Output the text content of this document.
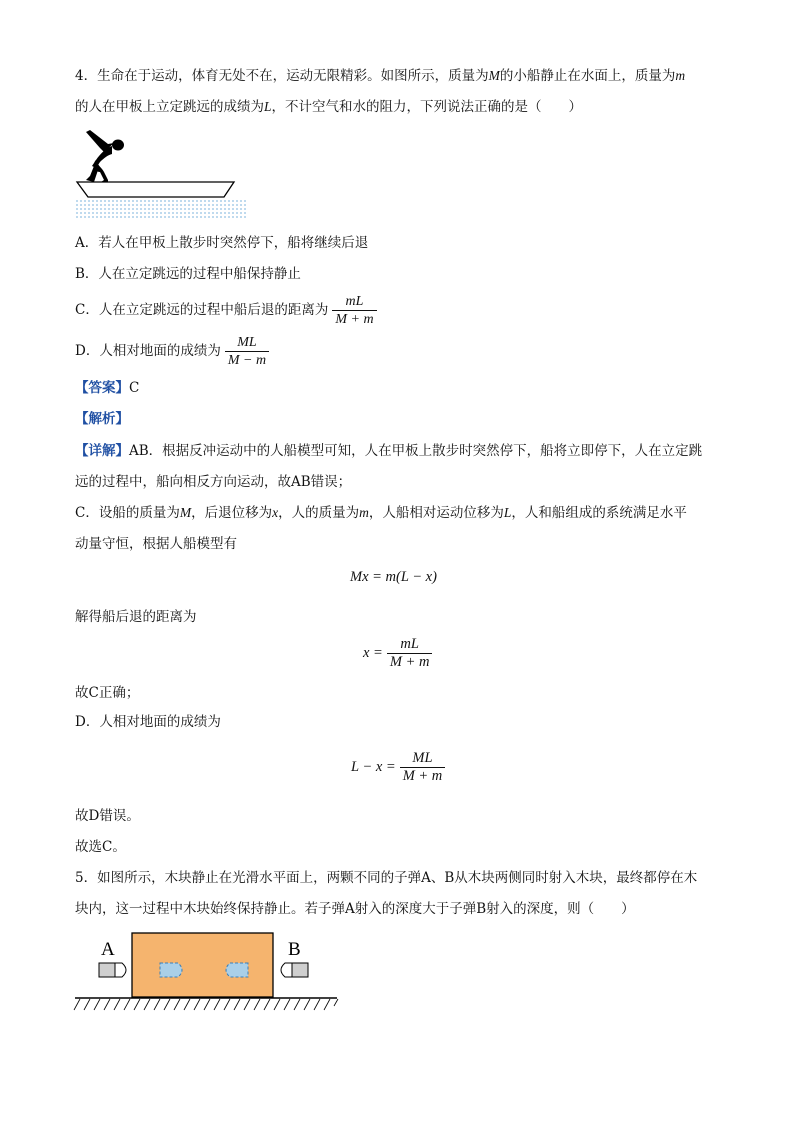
4．生命在于运动，体育无处不在，运动无限精彩。如图所示，质量为M的小船静止在水面上，质量为m
的人在甲板上立定跳远的成绩为L，不计空气和水的阻力，下列说法正确的是（　　）
A．若人在甲板上散步时突然停下，船将继续后退
B．人在立定跳远的过程中船保持静止
C．人在立定跳远的过程中船后退的距离为 $\frac{mL}{M + m}$
D．人相对地面的成绩为 $\frac{ML}{M - m}$
【答案】C
【解析】
【详解】AB．根据反冲运动中的人船模型可知，人在甲板上散步时突然停下，船将立即停下，人在立定跳
远的过程中，船向相反方向运动，故AB错误；
C．设船的质量为M，后退位移为x，人的质量为m，人船相对运动位移为L，人和船组成的系统满足水平
动量守恒，根据人船模型有
Mx = m(L − x)
解得船后退的距离为
$x = \frac{mL}{M + m}$
故C正确；
D．人相对地面的成绩为
$L - x = \frac{ML}{M + m}$
故D错误。
故选C。
5．如图所示，木块静止在光滑水平面上，两颗不同的子弹A、B从木块两侧同时射入木块，最终都停在木
块内，这一过程中木块始终保持静止。若子弹A射入的深度大于子弹B射入的深度，则（　　）
A	B
